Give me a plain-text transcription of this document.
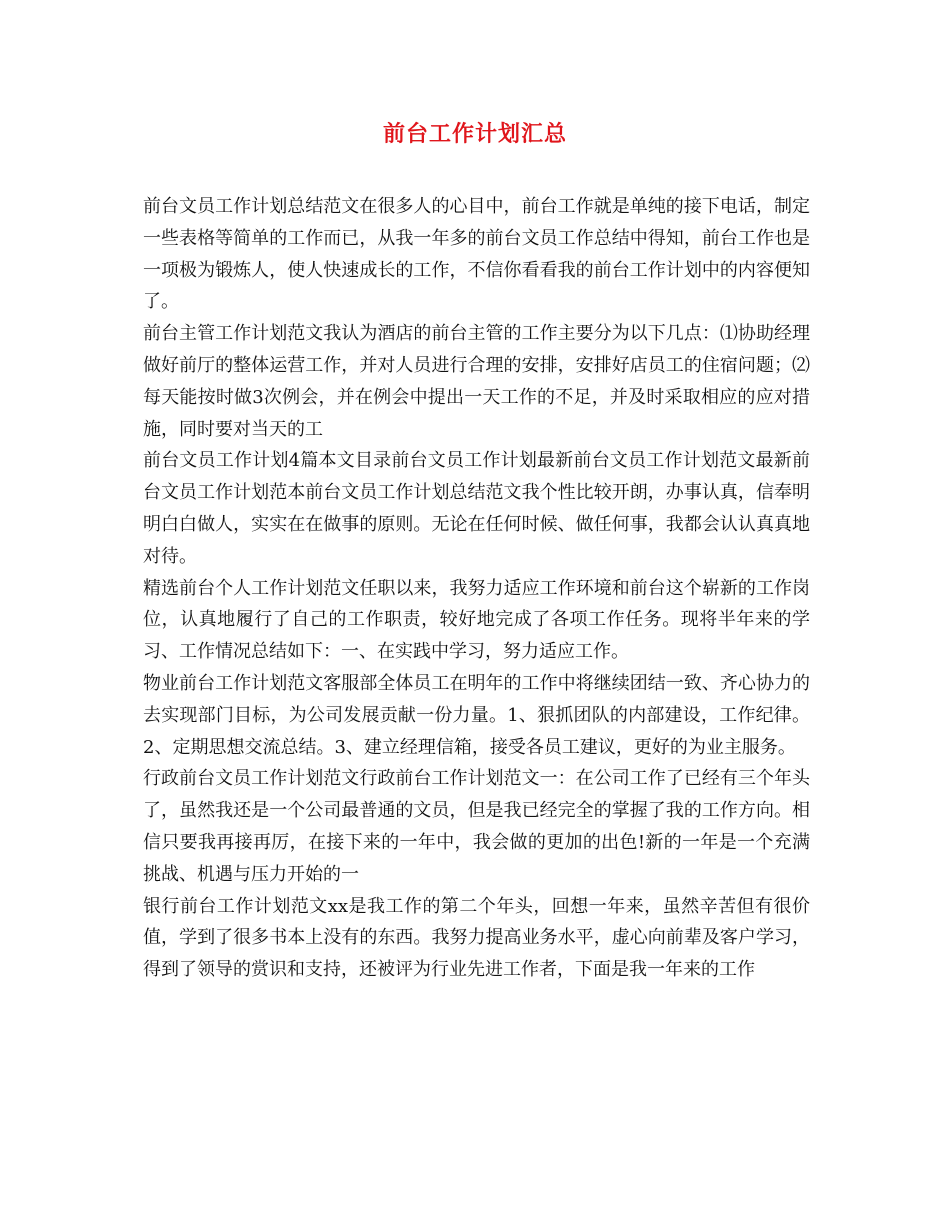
前台工作计划汇总

前台文员工作计划总结范文在很多人的心目中，前台工作就是单纯的接下电话，制定一些表格等简单的工作而已，从我一年多的前台文员工作总结中得知，前台工作也是一项极为锻炼人，使人快速成长的工作，不信你看看我的前台工作计划中的内容便知了。

前台主管工作计划范文我认为酒店的前台主管的工作主要分为以下几点：⑴协助经理做好前厅的整体运营工作，并对人员进行合理的安排，安排好店员工的住宿问题；⑵每天能按时做3次例会，并在例会中提出一天工作的不足，并及时采取相应的应对措施，同时要对当天的工

前台文员工作计划4篇本文目录前台文员工作计划最新前台文员工作计划范文最新前台文员工作计划范本前台文员工作计划总结范文我个性比较开朗，办事认真，信奉明明白白做人，实实在在做事的原则。无论在任何时候、做任何事，我都会认认真真地对待。

精选前台个人工作计划范文任职以来，我努力适应工作环境和前台这个崭新的工作岗位，认真地履行了自己的工作职责，较好地完成了各项工作任务。现将半年来的学习、工作情况总结如下：一、在实践中学习，努力适应工作。

物业前台工作计划范文客服部全体员工在明年的工作中将继续团结一致、齐心协力的去实现部门目标，为公司发展贡献一份力量。1、狠抓团队的内部建设，工作纪律。2、定期思想交流总结。3、建立经理信箱，接受各员工建议，更好的为业主服务。

行政前台文员工作计划范文行政前台工作计划范文一：在公司工作了已经有三个年头了，虽然我还是一个公司最普通的文员，但是我已经完全的掌握了我的工作方向。相信只要我再接再厉，在接下来的一年中，我会做的更加的出色!新的一年是一个充满挑战、机遇与压力开始的一

银行前台工作计划范文xx是我工作的第二个年头，回想一年来，虽然辛苦但有很价值，学到了很多书本上没有的东西。我努力提高业务水平，虚心向前辈及客户学习，得到了领导的赏识和支持，还被评为行业先进工作者，下面是我一年来的工作
